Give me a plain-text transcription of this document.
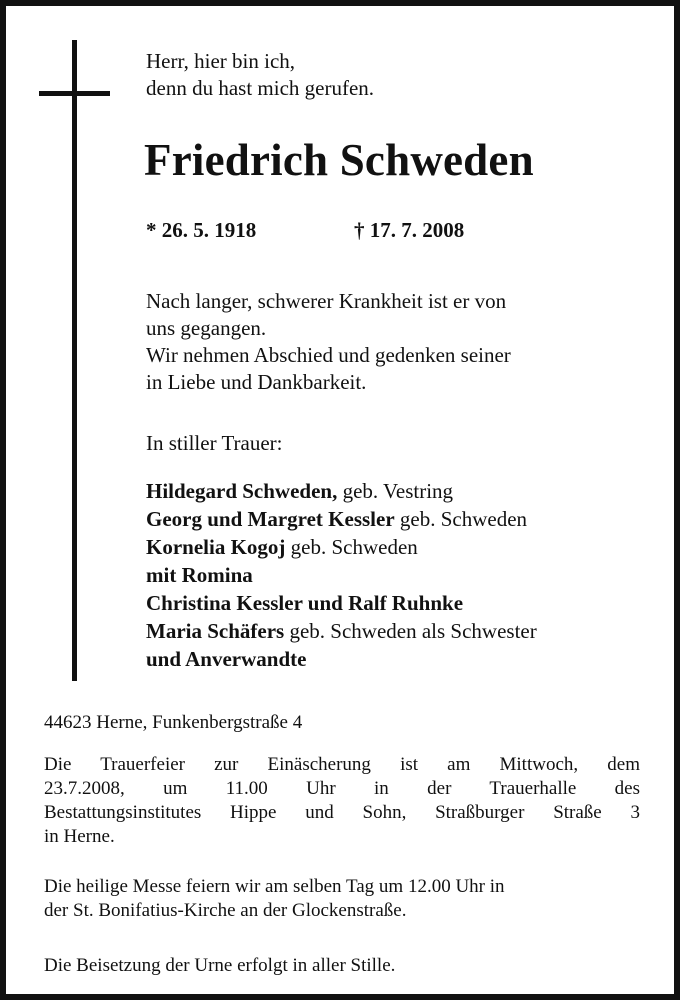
Herr, hier bin ich,
denn du hast mich gerufen.
Friedrich Schweden
* 26. 5. 1918	† 17. 7. 2008
Nach langer, schwerer Krankheit ist er von
uns gegangen.
Wir nehmen Abschied und gedenken seiner
in Liebe und Dankbarkeit.
In stiller Trauer:
Hildegard Schweden, geb. Vestring
Georg und Margret Kessler geb. Schweden
Kornelia Kogoj geb. Schweden
mit Romina
Christina Kessler und Ralf Ruhnke
Maria Schäfers geb. Schweden als Schwester
und Anverwandte

44623 Herne, Funkenbergstraße 4

Die Trauerfeier zur Einäscherung ist am Mittwoch, dem
23.7.2008, um 11.00 Uhr in der Trauerhalle des
Bestattungsinstitutes Hippe und Sohn, Straßburger Straße 3
in Herne.
Die heilige Messe feiern wir am selben Tag um 12.00 Uhr in
der St. Bonifatius-Kirche an der Glockenstraße.

Die Beisetzung der Urne erfolgt in aller Stille.
